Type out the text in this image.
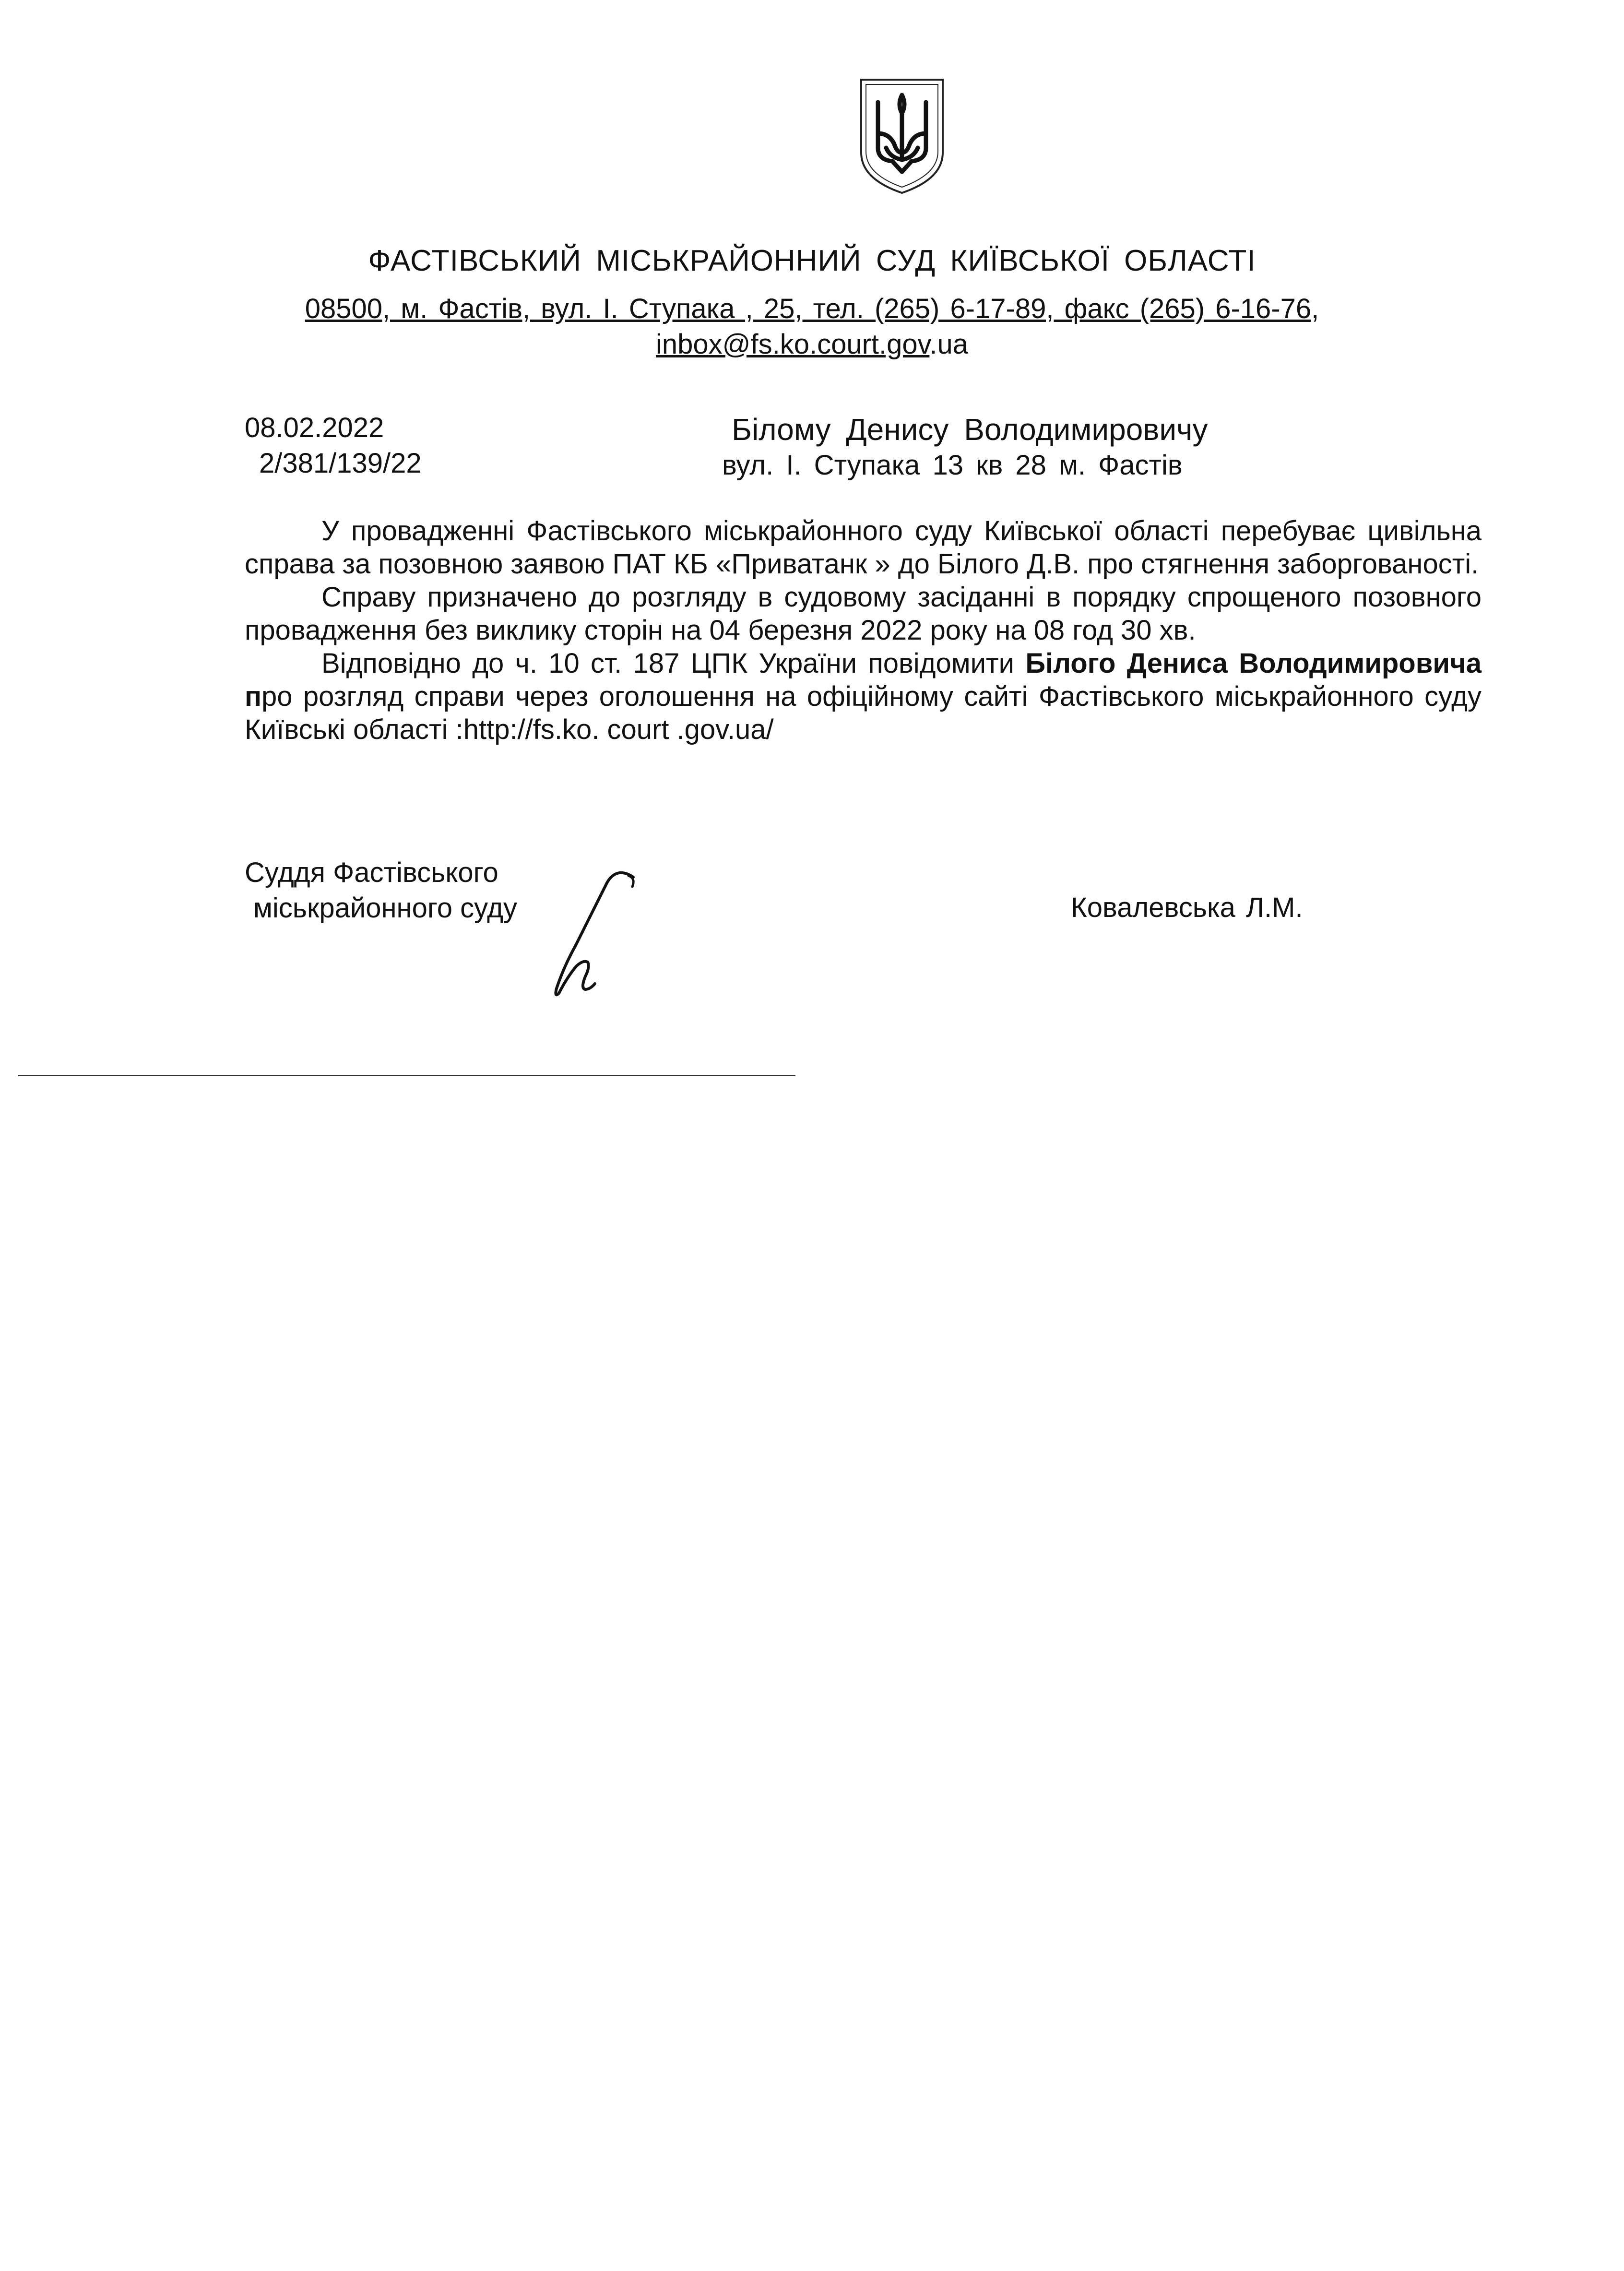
ФАСТІВСЬКИЙ МІСЬКРАЙОННИЙ СУД КИЇВСЬКОЇ ОБЛАСТІ
08500, м. Фастів, вул. І. Ступака , 25, тел. (265) 6-17-89, факс (265) 6-16-76,
inbox@fs.ko.court.gov.ua
08.02.2022
2/381/139/22
Білому Денису Володимировичу
вул. І. Ступака 13 кв 28 м. Фастів

У провадженні Фастівського міськрайонного суду Київської області перебуває цивільна справа за позовною заявою ПАТ КБ «Приватанк » до Білого Д.В. про стягнення заборгованості.

Справу призначено до розгляду в судовому засіданні в порядку спрощеного позовного провадження без виклику сторін на 04 березня 2022 року на 08 год 30 хв.

Відповідно до ч. 10 ст. 187 ЦПК України повідомити Білого Дениса Володимировича про розгляд справи через оголошення на офіційному сайті Фастівського міськрайонного суду Київські області :http://fs.ko. court .gov.ua/

Суддя Фастівського
міськрайонного суду	Ковалевська Л.М.
